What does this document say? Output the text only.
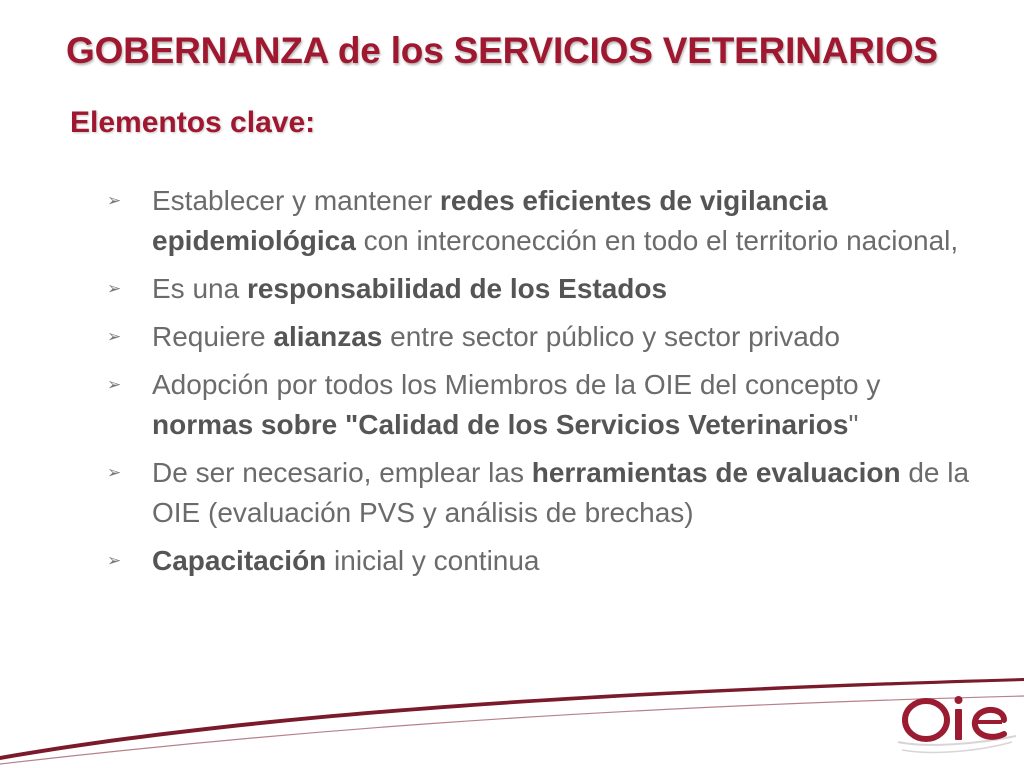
GOBERNANZA de los SERVICIOS VETERINARIOS
Elementos clave:
➢	Establecer y mantener redes eficientes de vigilancia epidemiológica con interconección en todo el territorio nacional,
➢	Es una responsabilidad de los Estados
➢	Requiere alianzas entre sector público y sector privado
➢	Adopción por todos los Miembros de la OIE del concepto y normas sobre "Calidad de los Servicios Veterinarios"
➢	De ser necesario, emplear las herramientas de evaluacion de la OIE (evaluación PVS y análisis de brechas)
➢	Capacitación inicial y continua
